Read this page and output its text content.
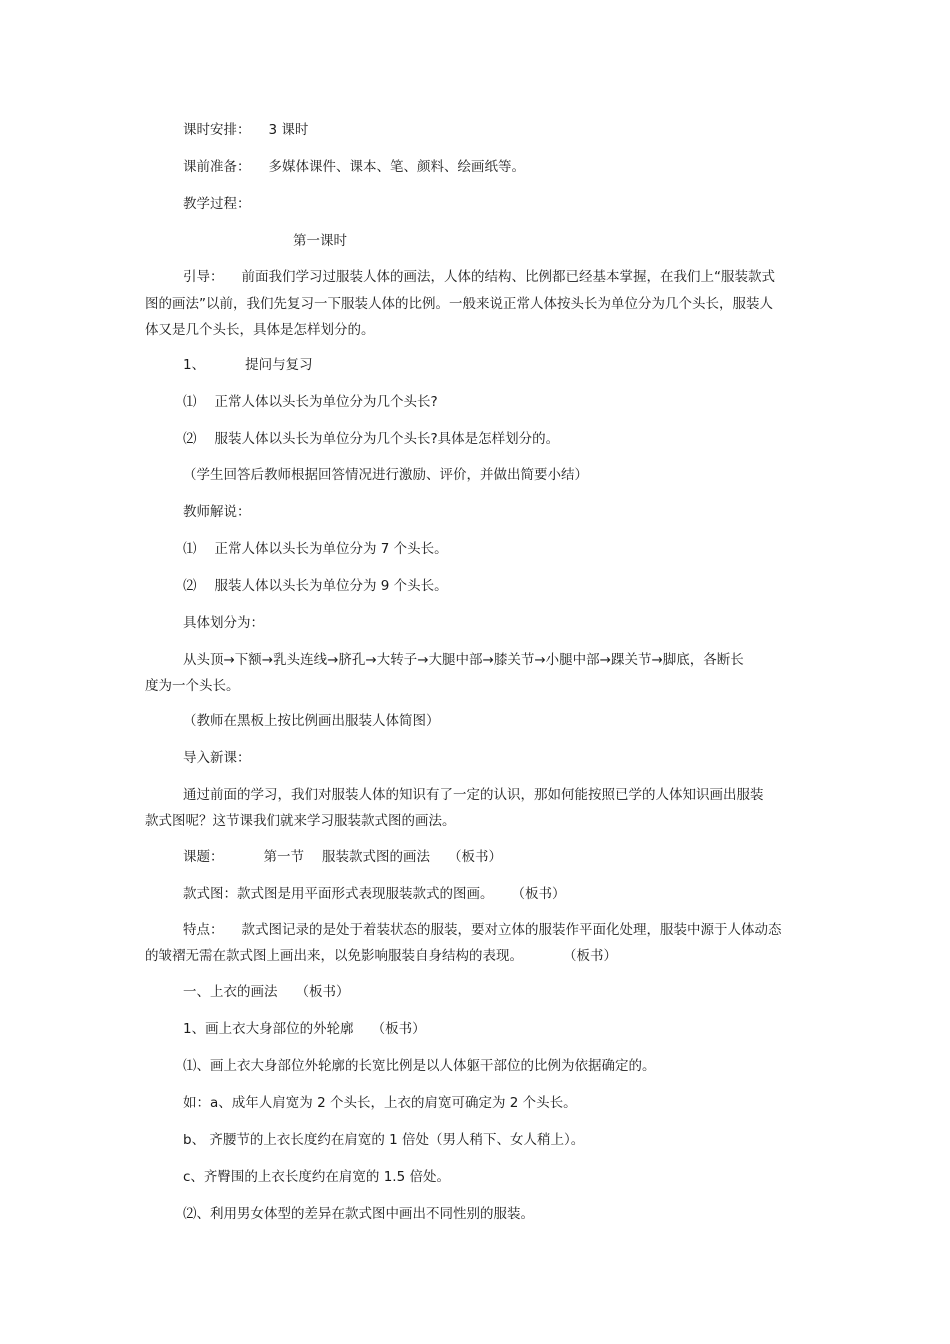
课时安排： 3 课时
课前准备： 多媒体课件、课本、笔、颜料、绘画纸等。
教学过程：
第一课时
引导： 前面我们学习过服装人体的画法，人体的结构、比例都已经基本掌握，在我们上“服装款式
图的画法”以前，我们先复习一下服装人体的比例。一般来说正常人体按头长为单位分为几个头长，服装人
体又是几个头长，具体是怎样划分的。
1、	提问与复习
⑴ 正常人体以头长为单位分为几个头长?
⑵ 服装人体以头长为单位分为几个头长?具体是怎样划分的。
（学生回答后教师根据回答情况进行激励、评价，并做出简要小结）
教师解说：
⑴ 正常人体以头长为单位分为 7 个头长。
⑵ 服装人体以头长为单位分为 9 个头长。
具体划分为：
从头顶→下额→乳头连线→脐孔→大转子→大腿中部→膝关节→小腿中部→踝关节→脚底，各断长
度为一个头长。
（教师在黑板上按比例画出服装人体简图）
导入新课：
通过前面的学习，我们对服装人体的知识有了一定的认识，那如何能按照已学的人体知识画出服装
款式图呢？这节课我们就来学习服装款式图的画法。
课题：	第一节 服装款式图的画法 （板书）
款式图：款式图是用平面形式表现服装款式的图画。 （板书）
特点： 款式图记录的是处于着装状态的服装，要对立体的服装作平面化处理，服装中源于人体动态
的皱褶无需在款式图上画出来，以免影响服装自身结构的表现。	（板书）
一、上衣的画法 （板书）
1、画上衣大身部位的外轮廓 （板书）
⑴、画上衣大身部位外轮廓的长宽比例是以人体躯干部位的比例为依据确定的。
如：a、成年人肩宽为 2 个头长，上衣的肩宽可确定为 2 个头长。
b、 齐腰节的上衣长度约在肩宽的 1 倍处（男人稍下、女人稍上）。
c、齐臀围的上衣长度约在肩宽的 1.5 倍处。
⑵、利用男女体型的差异在款式图中画出不同性别的服装。
